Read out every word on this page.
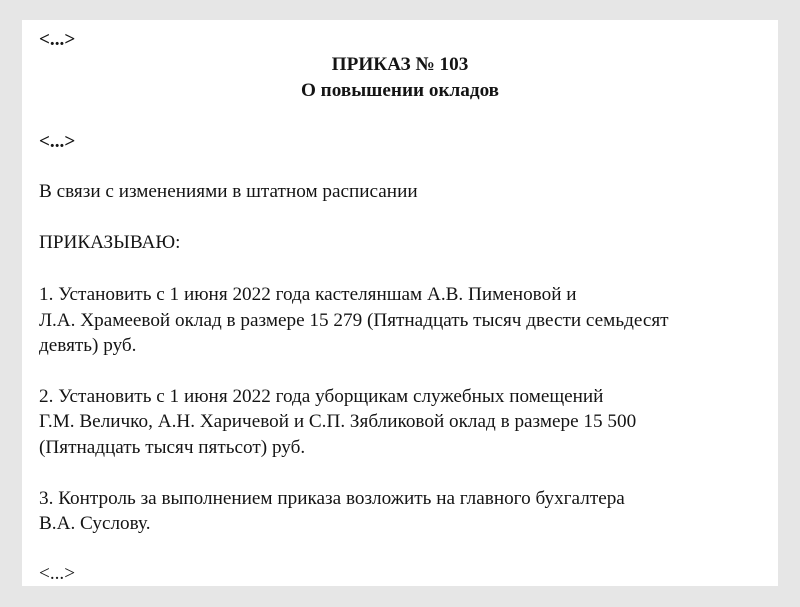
<...>
ПРИКАЗ № 103
О повышении окладов
<...>
В связи с изменениями в штатном расписании
ПРИКАЗЫВАЮ:
1. Установить с 1 июня 2022 года кастеляншам А.В. Пименовой и
Л.А. Храмеевой оклад в размере 15 279 (Пятнадцать тысяч двести семьдесят
девять) руб.
2. Установить с 1 июня 2022 года уборщикам служебных помещений
Г.М. Величко, А.Н. Харичевой и С.П. Зябликовой оклад в размере 15 500
(Пятнадцать тысяч пятьсот) руб.
3. Контроль за выполнением приказа возложить на главного бухгалтера
В.А. Суслову.
<...>
